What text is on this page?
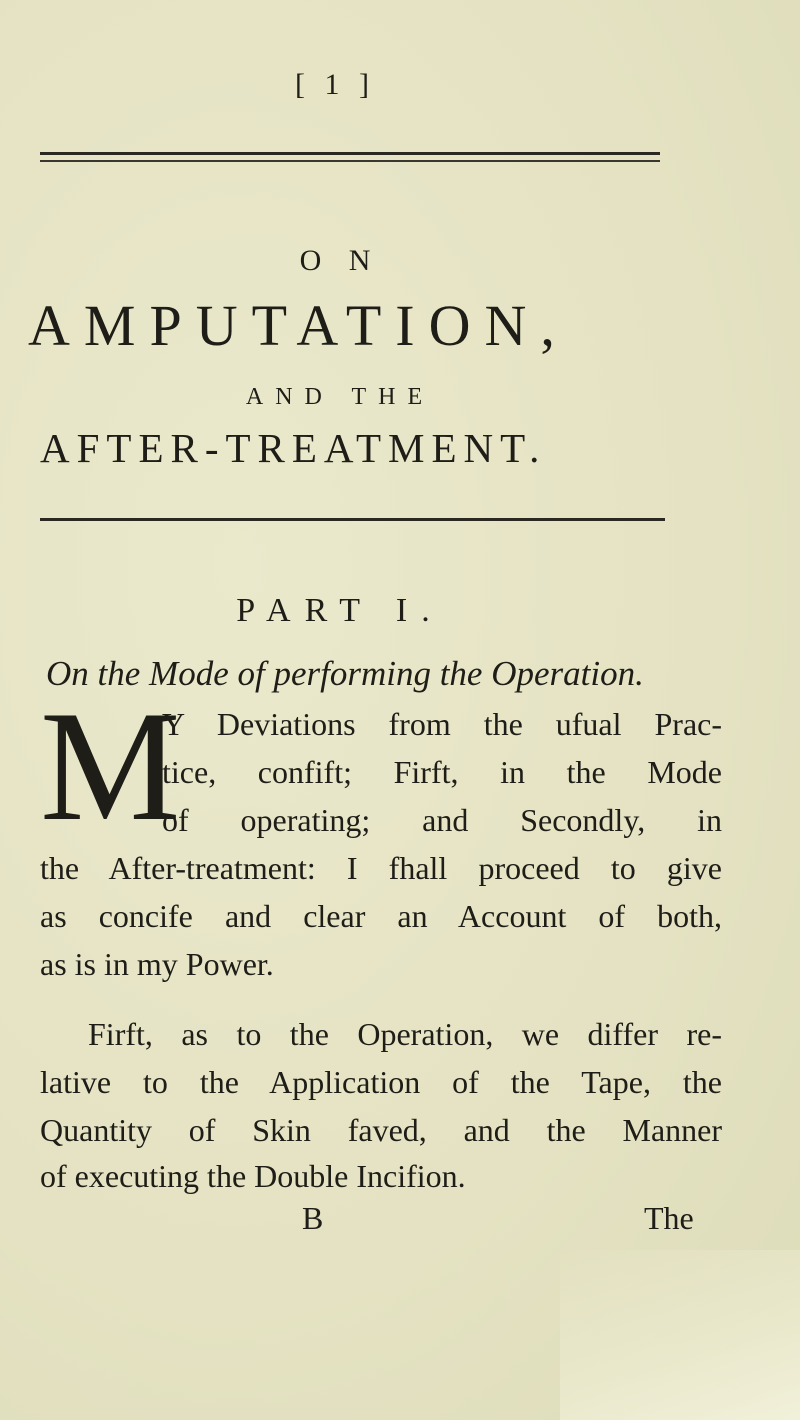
[ 1 ]
O N
AMPUTATION,
AND THE
AFTER-TREATMENT.
PART I.
On the Mode of performing the Operation.
M
Y Deviations from the ufual Prac-
tice, confift; Firft, in the Mode
of operating; and Secondly, in
the After-treatment: I fhall proceed to give
as concife and clear an Account of both,
as is in my Power.
Firft, as to the Operation, we differ re-
lative to the Application of the Tape, the
Quantity of Skin faved, and the Manner
of executing the Double Incifion.
B	The
